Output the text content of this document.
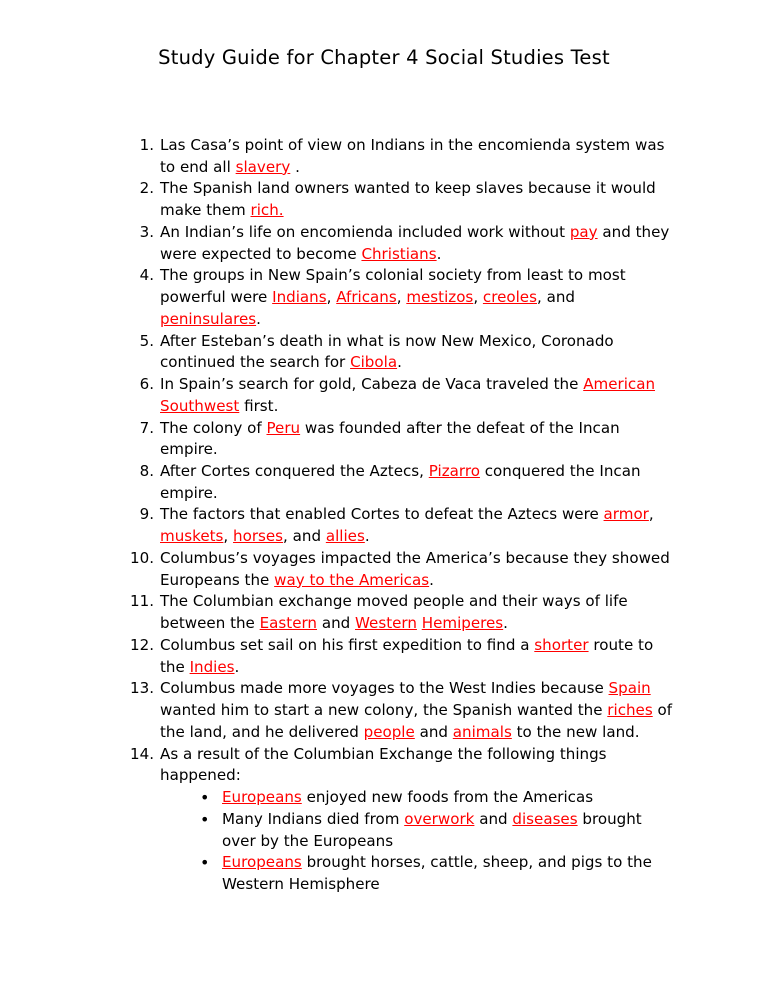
Study Guide for Chapter 4 Social Studies Test
1. Las Casa’s point of view on Indians in the encomienda system was to end all slavery .
2. The Spanish land owners wanted to keep slaves because it would make them rich.
3. An Indian’s life on encomienda included work without pay and they were expected to become Christians.
4. The groups in New Spain’s colonial society from least to most powerful were Indians, Africans, mestizos, creoles, and peninsulares.
5. After Esteban’s death in what is now New Mexico, Coronado continued the search for Cibola.
6. In Spain’s search for gold, Cabeza de Vaca traveled the American Southwest first.
7. The colony of Peru was founded after the defeat of the Incan empire.
8. After Cortes conquered the Aztecs, Pizarro conquered the Incan empire.
9. The factors that enabled Cortes to defeat the Aztecs were armor, muskets, horses, and allies.
10. Columbus’s voyages impacted the America’s because they showed Europeans the way to the Americas.
11. The Columbian exchange moved people and their ways of life between the Eastern and Western Hemiperes.
12. Columbus set sail on his first expedition to find a shorter route to the Indies.
13. Columbus made more voyages to the West Indies because Spain wanted him to start a new colony, the Spanish wanted the riches of the land, and he delivered people and animals to the new land.
14. As a result of the Columbian Exchange the following things happened:
• Europeans enjoyed new foods from the Americas
• Many Indians died from overwork and diseases brought over by the Europeans
• Europeans brought horses, cattle, sheep, and pigs to the Western Hemisphere
